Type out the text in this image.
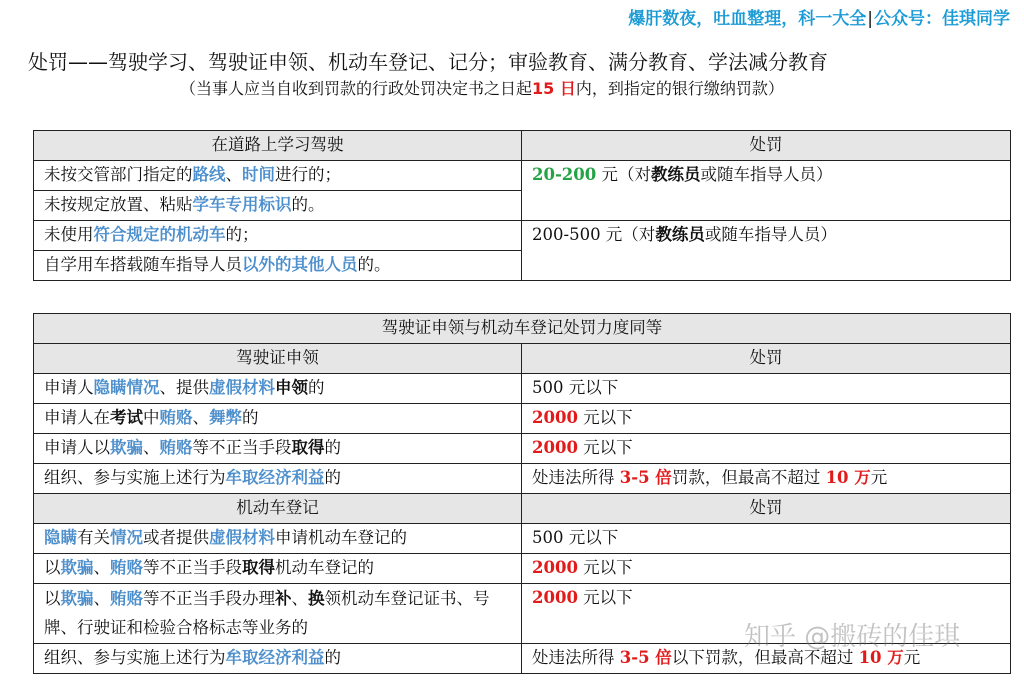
爆肝数夜，吐血整理，科一大全|公众号：佳琪同学
处罚——驾驶学习、驾驶证申领、机动车登记、记分；审验教育、满分教育、学法减分教育
（当事人应当自收到罚款的行政处罚决定书之日起15 日内，到指定的银行缴纳罚款）
在道路上学习驾驶	处罚
未按交管部门指定的路线、时间进行的；	20-200 元（对教练员或随车指导人员）
未按规定放置、粘贴学车专用标识的。	
未使用符合规定的机动车的；	200-500 元（对教练员或随车指导人员）
自学用车搭载随车指导人员以外的其他人员的。	
驾驶证申领与机动车登记处罚力度同等	
驾驶证申领	处罚
申请人隐瞒情况、提供虚假材料申领的	500 元以下
申请人在考试中贿赂、舞弊的	2000 元以下
申请人以欺骗、贿赂等不正当手段取得的	2000 元以下
组织、参与实施上述行为牟取经济利益的	处违法所得 3-5 倍罚款，但最高不超过 10 万元
机动车登记	处罚
隐瞒有关情况或者提供虚假材料申请机动车登记的	500 元以下
以欺骗、贿赂等不正当手段取得机动车登记的	2000 元以下
以欺骗、贿赂等不正当手段办理补、换领机动车登记证书、号牌、行驶证和检验合格标志等业务的	2000 元以下
组织、参与实施上述行为牟取经济利益的	处违法所得 3-5 倍以下罚款，但最高不超过 10 万元
知乎 @搬砖的佳琪
